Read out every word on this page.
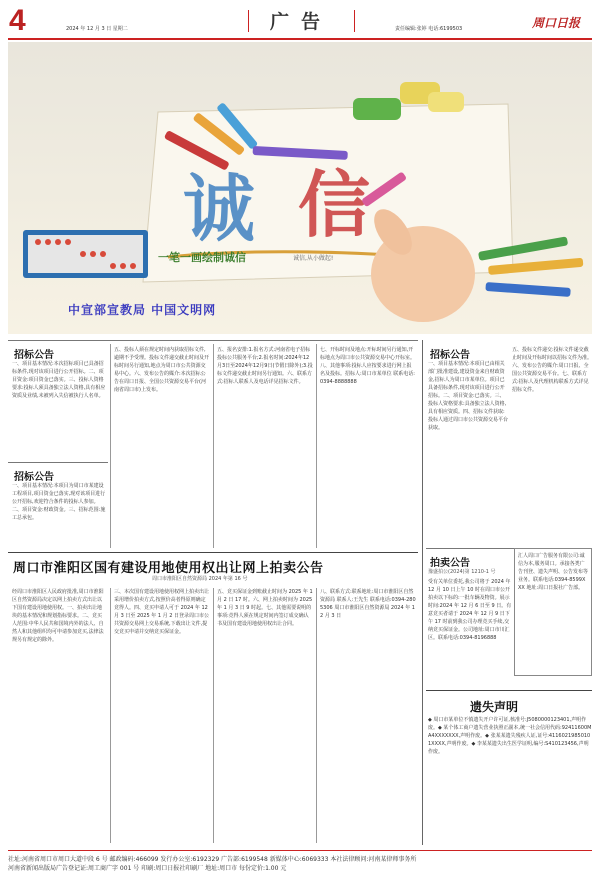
4	2024 年 12 月 3 日 星期二	广告	责任编辑:张婷 电话:6199503	周口日报
诚 信
一笔一画绘制诚信	诚信,从小做起!
中宣部宣教局 中国文明网
招标公告
一、项目基本情况:本次招标项目已具备招标条件,现对该项目进行公开招标。二、项目资金:项目资金已落实。三、投标人资格要求:投标人须具备独立法人资格,具有相应资质及业绩,未被列入失信被执行人名单。
招标公告
一、项目基本情况:本项目为周口市某建设工程项目,项目资金已落实,现对该项目进行公开招标,欢迎符合条件的投标人参加。二、项目资金:财政资金。三、招标范围:施工总承包。
五、投标人须在规定时间内获取招标文件,逾期不予受理。投标文件递交截止时间及开标时间另行通知,地点为周口市公共资源交易中心。六、发布公告的媒介:本次招标公告在周口日报、全国公共资源交易平台(河南省周口市)上发布。
五、报名安排:1.报名方式:河南省电子招标投标公共服务平台;2.报名时间:2024年12月3日至2024年12月9日(节假日除外);3.投标文件递交截止时间另行通知。六、联系方式:招标人联系人及电话详见招标文件。
七、开标时间及地点:开标时间另行通知,开标地点为周口市公共资源交易中心开标室。八、其他事项:投标人应按要求进行网上报名及投标。招标人:周口市某单位 联系电话:0394-8888888
招标公告
一、项目基本情况:本项目已由相关部门批准建设,建设资金来自财政资金,招标人为周口市某单位。项目已具备招标条件,现对该项目进行公开招标。二、项目资金:已落实。三、投标人资格要求:具备独立法人资格,具有相应资质。四、招标文件获取:投标人通过周口市公共资源交易平台获取。
五、投标文件递交:投标文件递交截止时间及开标时间以招标文件为准。六、发布公告的媒介:周口日报、全国公共资源交易平台。七、联系方式:招标人及代理机构联系方式详见招标文件。
拍卖公告
豫盛拍公(2024)第 1210-1 号
受有关单位委托,我公司将于 2024 年 12 月 10 日上午 10 时在周口市公开拍卖以下标的:一批车辆及物资。展示时间:2024 年 12 月 6 日至 9 日。有意竞买者请于 2024 年 12 月 9 日下午 17 时前到我公司办理竞买手续,交纳竞买保证金。公司地址:周口市川汇区。联系电话:0394-8196888
汇人周口广告服务有限公司:诚信为本,服务周口。承接各类广告刊登、遗失声明、公告发布等业务。联系电话:0394-8599XXX 地址:周口日报社广告部。
遗失声明
◆ 周口市某单位不慎遗失开户许可证,核准号:J5080000123401,声明作废。◆ 某个体工商户遗失营业执照正副本,统一社会信用代码:92411600MA4XXXXXXX,声明作废。◆ 张某某遗失残疾人证,证号:41160219850101XXXX,声明作废。◆ 李某某遗失出生医学证明,编号:S410123456,声明作废。
周口市淮阳区国有建设用地使用权出让网上拍卖公告
周口市淮阳区自然资源局 2024 年第 16 号
经周口市淮阳区人民政府批准,周口市淮阳区自然资源局决定以网上拍卖方式出让以下国有建设用地使用权。一、拍卖出让地块的基本情况和规划指标要求。二、竞买人范围:中华人民共和国境内外的法人、自然人和其他组织均可申请参加竞买,法律法规另有规定的除外。
三、本次国有建设用地使用权网上拍卖出让采用增价拍卖方式,按照价高者得原则确定竞得人。四、竞买申请人可于 2024 年 12 月 3 日至 2025 年 1 月 2 日登录周口市公共资源交易网上交易系统,下载出让文件,提交竞买申请并交纳竞买保证金。
五、竞买保证金到账截止时间为 2025 年 1 月 2 日 17 时。六、网上拍卖时间为 2025 年 1 月 3 日 9 时起。七、其他需要说明的事项:竞得人须在规定时间内签订成交确认书及国有建设用地使用权出让合同。
八、联系方式:联系地址:周口市淮阳区自然资源局 联系人:王先生 联系电话:0394-2805306 周口市淮阳区自然资源局 2024 年 12 月 3 日
社址:河南省周口市周口大道中段 6 号 邮政编码:466099 发行办公室:6192329 广告部:6199548 新媒体中心:6069333 本社法律顾问:河南某律师事务所
河南省新闻出版局广告登记证:周工商广字 001 号 印刷:周口日报社印刷厂 地址:周口市 每份定价:1.00 元
